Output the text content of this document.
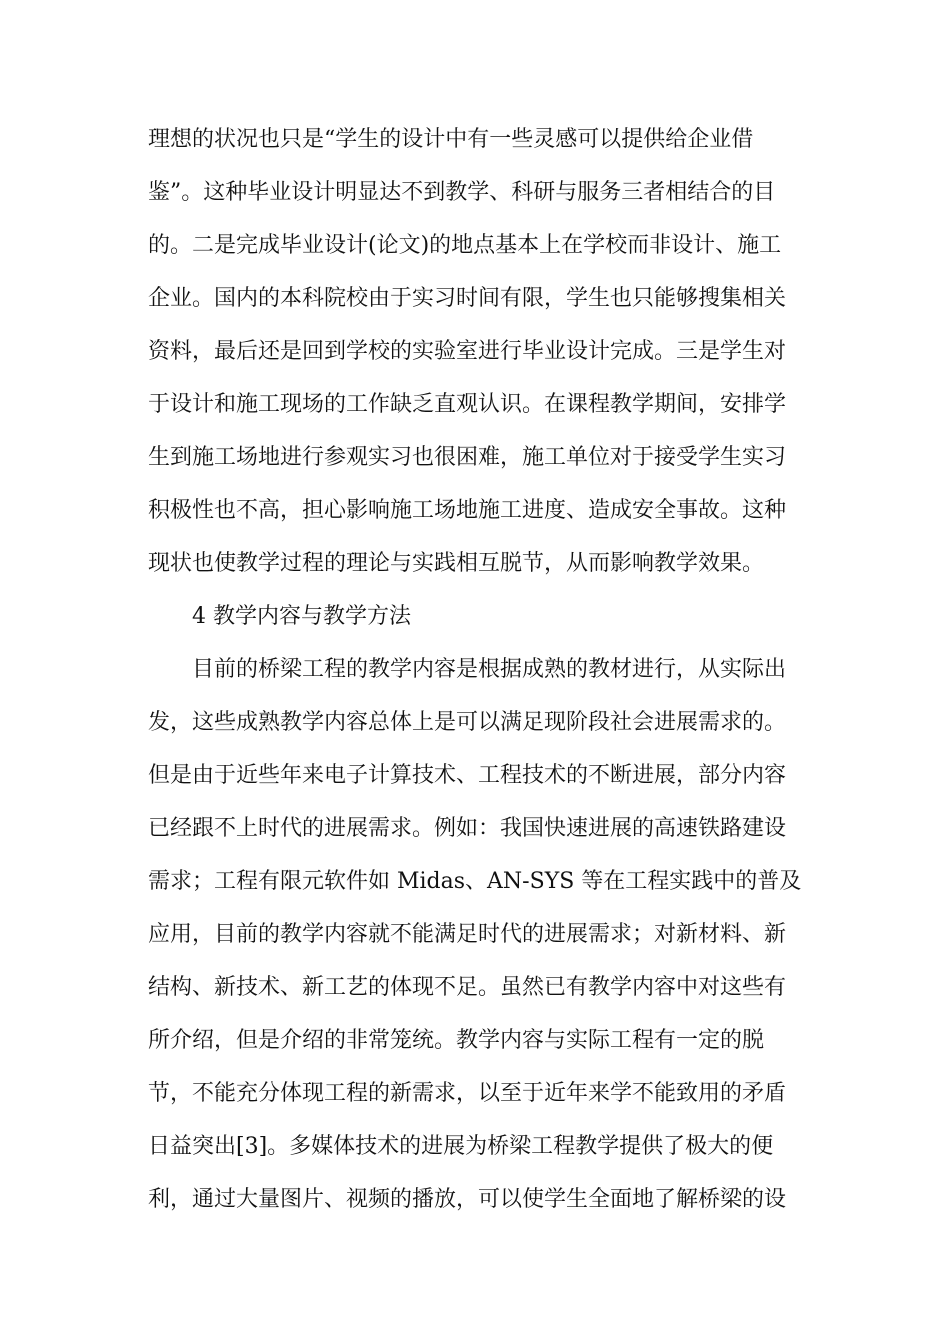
理想的状况也只是“学生的设计中有一些灵感可以提供给企业借
鉴”。这种毕业设计明显达不到教学、科研与服务三者相结合的目
的。二是完成毕业设计(论文)的地点基本上在学校而非设计、施工
企业。国内的本科院校由于实习时间有限，学生也只能够搜集相关
资料，最后还是回到学校的实验室进行毕业设计完成。三是学生对
于设计和施工现场的工作缺乏直观认识。在课程教学期间，安排学
生到施工场地进行参观实习也很困难，施工单位对于接受学生实习
积极性也不高，担心影响施工场地施工进度、造成安全事故。这种
现状也使教学过程的理论与实践相互脱节，从而影响教学效果。
4 教学内容与教学方法
目前的桥梁工程的教学内容是根据成熟的教材进行，从实际出
发，这些成熟教学内容总体上是可以满足现阶段社会进展需求的。
但是由于近些年来电子计算技术、工程技术的不断进展，部分内容
已经跟不上时代的进展需求。例如：我国快速进展的高速铁路建设
需求；工程有限元软件如 Midas、AN-SYS 等在工程实践中的普及
应用，目前的教学内容就不能满足时代的进展需求；对新材料、新
结构、新技术、新工艺的体现不足。虽然已有教学内容中对这些有
所介绍，但是介绍的非常笼统。教学内容与实际工程有一定的脱
节，不能充分体现工程的新需求，以至于近年来学不能致用的矛盾
日益突出[3]。多媒体技术的进展为桥梁工程教学提供了极大的便
利，通过大量图片、视频的播放，可以使学生全面地了解桥梁的设
